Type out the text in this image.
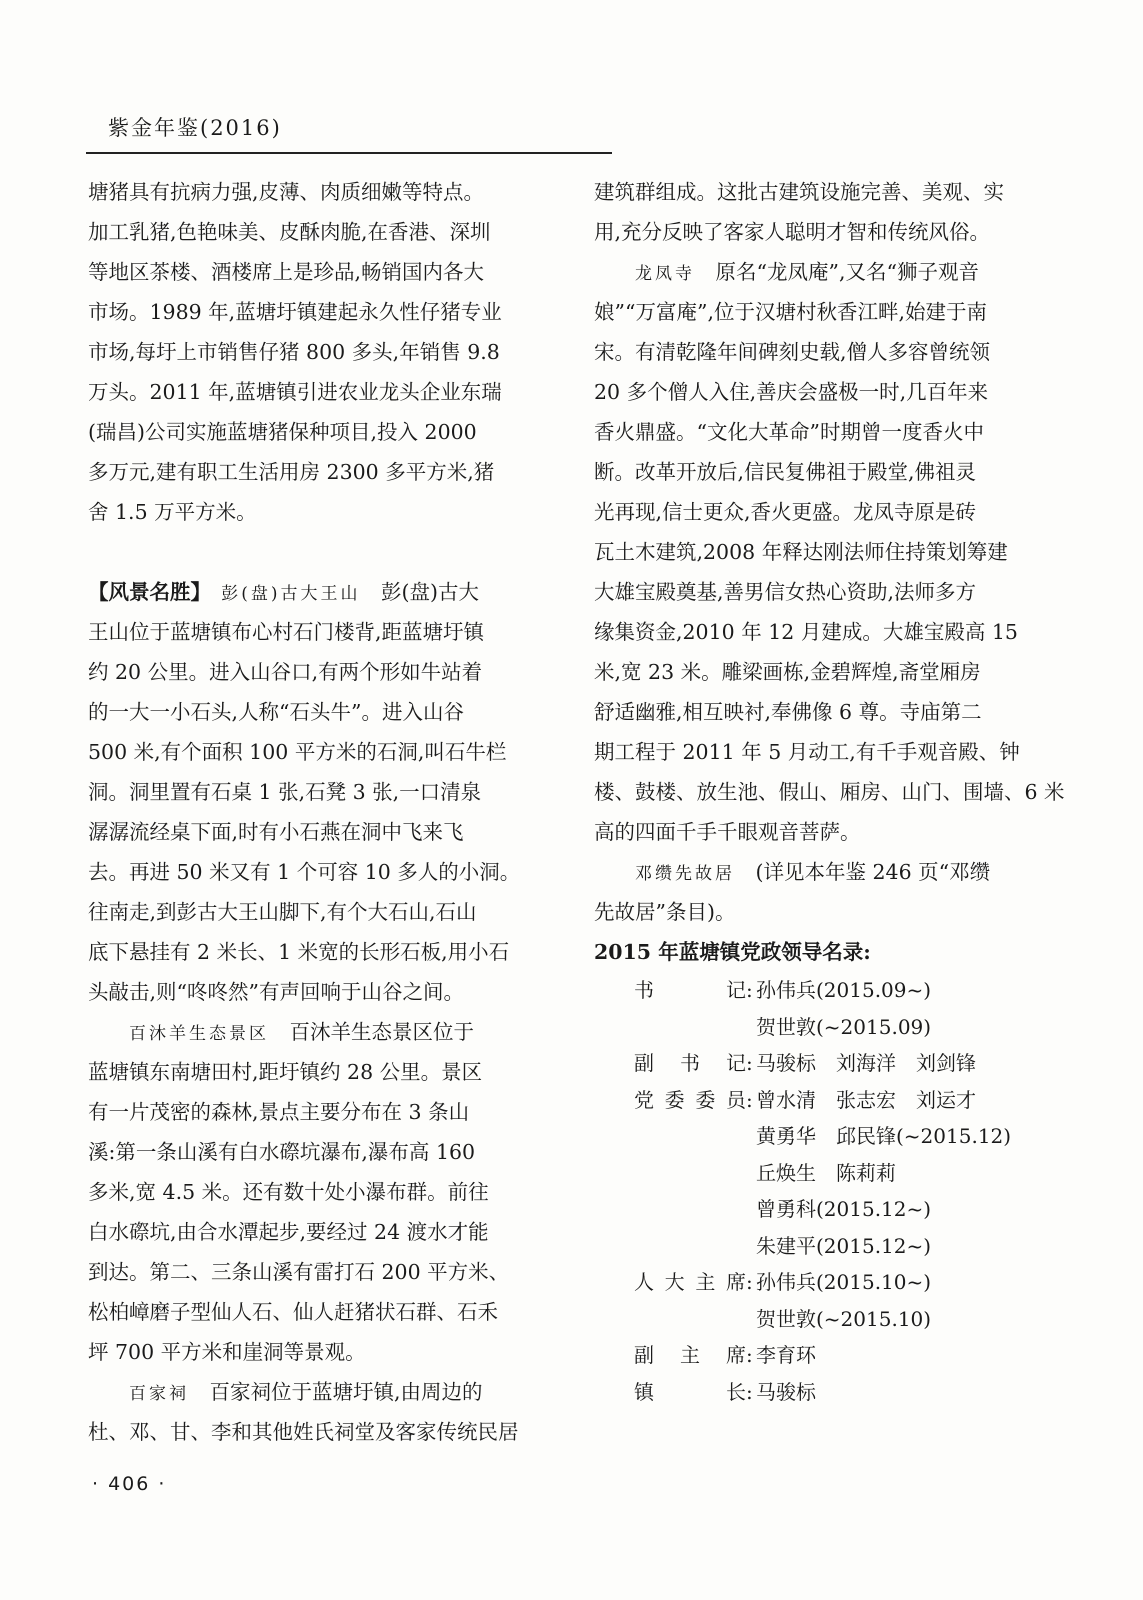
紫金年鉴(2016)
塘猪具有抗病力强,皮薄、肉质细嫩等特点。
加工乳猪,色艳味美、皮酥肉脆,在香港、深圳
等地区茶楼、酒楼席上是珍品,畅销国内各大
市场。1989 年,蓝塘圩镇建起永久性仔猪专业
市场,每圩上市销售仔猪 800 多头,年销售 9.8
万头。2011 年,蓝塘镇引进农业龙头企业东瑞
(瑞昌)公司实施蓝塘猪保种项目,投入 2000
多万元,建有职工生活用房 2300 多平方米,猪
舍 1.5 万平方米。
【风景名胜】　 彭(盘)古大王山　 彭(盘)古大
王山位于蓝塘镇布心村石门楼背,距蓝塘圩镇
约 20 公里。进入山谷口,有两个形如牛站着
的一大一小石头,人称“石头牛”。进入山谷
500 米,有个面积 100 平方米的石洞,叫石牛栏
洞。洞里置有石桌 1 张,石凳 3 张,一口清泉
潺潺流经桌下面,时有小石燕在洞中飞来飞
去。再进 50 米又有 1 个可容 10 多人的小洞。
往南走,到彭古大王山脚下,有个大石山,石山
底下悬挂有 2 米长、1 米宽的长形石板,用小石
头敲击,则“咚咚然”有声回响于山谷之间。
百沐羊生态景区　 百沐羊生态景区位于
蓝塘镇东南塘田村,距圩镇约 28 公里。景区
有一片茂密的森林,景点主要分布在 3 条山
溪:第一条山溪有白水磜坑瀑布,瀑布高 160
多米,宽 4.5 米。还有数十处小瀑布群。前往
白水磜坑,由合水潭起步,要经过 24 渡水才能
到达。第二、三条山溪有雷打石 200 平方米、
松柏嶂磨子型仙人石、仙人赶猪状石群、石禾
坪 700 平方米和崖洞等景观。
百家祠　 百家祠位于蓝塘圩镇,由周边的
杜、邓、甘、李和其他姓氏祠堂及客家传统民居
建筑群组成。这批古建筑设施完善、美观、实
用,充分反映了客家人聪明才智和传统风俗。
龙凤寺　 原名“龙凤庵”,又名“狮子观音
娘”“万富庵”,位于汉塘村秋香江畔,始建于南
宋。有清乾隆年间碑刻史载,僧人多容曾统领
20 多个僧人入住,善庆会盛极一时,几百年来
香火鼎盛。“文化大革命”时期曾一度香火中
断。改革开放后,信民复佛祖于殿堂,佛祖灵
光再现,信士更众,香火更盛。龙凤寺原是砖
瓦土木建筑,2008 年释达刚法师住持策划筹建
大雄宝殿奠基,善男信女热心资助,法师多方
缘集资金,2010 年 12 月建成。大雄宝殿高 15
米,宽 23 米。雕梁画栋,金碧辉煌,斋堂厢房
舒适幽雅,相互映衬,奉佛像 6 尊。寺庙第二
期工程于 2011 年 5 月动工,有千手观音殿、钟
楼、鼓楼、放生池、假山、厢房、山门、围墙、6 米
高的四面千手千眼观音菩萨。
邓缵先故居　 (详见本年鉴 246 页“邓缵
先故居”条目)。
2015 年蓝塘镇党政领导名录:
书记 : 孙伟兵(2015.09~)
贺世敦(~2015.09)
副书记 : 马骏标　刘海洋　刘剑锋
党委委员 : 曾水清　张志宏　刘运才
黄勇华　邱民锋(~2015.12)
丘焕生　陈莉莉
曾勇科(2015.12~)
朱建平(2015.12~)
人大主席 : 孙伟兵(2015.10~)
贺世敦(~2015.10)
副主席 : 李育环
镇长 : 马骏标
· 406 ·
